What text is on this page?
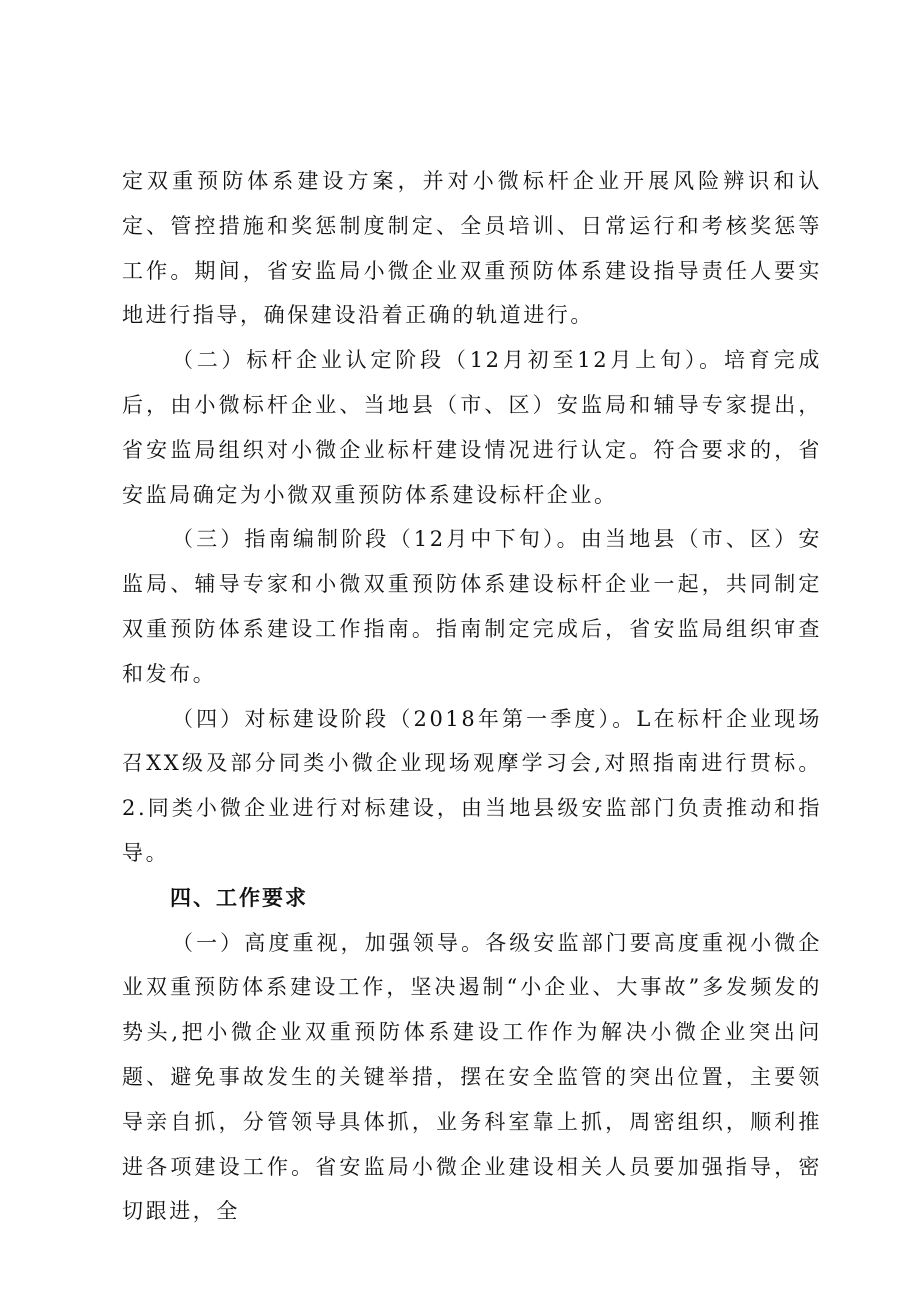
定双重预防体系建设方案，并对小微标杆企业开展风险辨识和认定、管控措施和奖惩制度制定、全员培训、日常运行和考核奖惩等工作。期间，省安监局小微企业双重预防体系建设指导责任人要实地进行指导，确保建设沿着正确的轨道进行。

（二）标杆企业认定阶段（12月初至12月上旬）。培育完成后，由小微标杆企业、当地县（市、区）安监局和辅导专家提出，省安监局组织对小微企业标杆建设情况进行认定。符合要求的，省安监局确定为小微双重预防体系建设标杆企业。

（三）指南编制阶段（12月中下旬）。由当地县（市、区）安监局、辅导专家和小微双重预防体系建设标杆企业一起，共同制定双重预防体系建设工作指南。指南制定完成后，省安监局组织审查和发布。

（四）对标建设阶段（2018年第一季度）。L在标杆企业现场召XX级及部分同类小微企业现场观摩学习会,对照指南进行贯标。2.同类小微企业进行对标建设，由当地县级安监部门负责推动和指导。

四、工作要求

（一）高度重视，加强领导。各级安监部门要高度重视小微企业双重预防体系建设工作，坚决遏制“小企业、大事故”多发频发的势头,把小微企业双重预防体系建设工作作为解决小微企业突出问题、避免事故发生的关键举措，摆在安全监管的突出位置，主要领导亲自抓，分管领导具体抓，业务科室靠上抓，周密组织，顺利推进各项建设工作。省安监局小微企业建设相关人员要加强指导，密切跟进，全
